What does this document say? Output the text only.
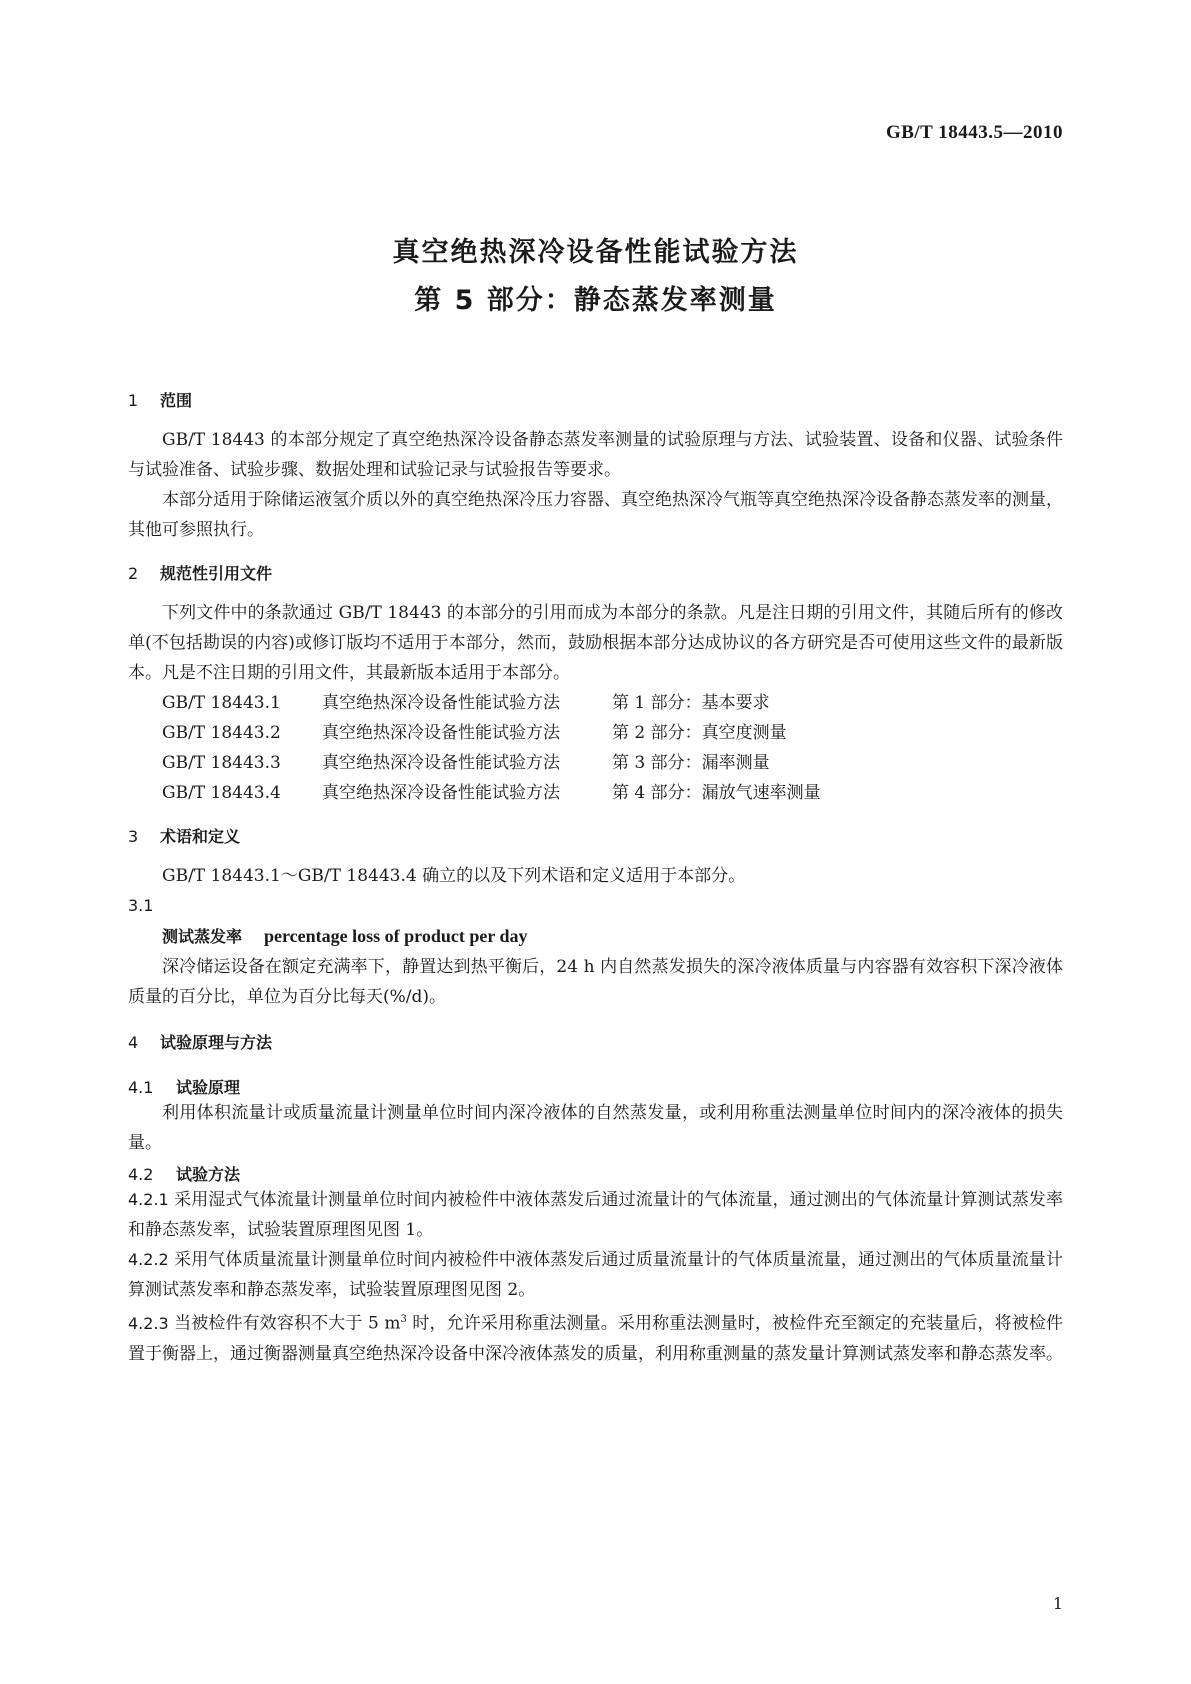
GB/T 18443.5—2010
真空绝热深冷设备性能试验方法
第 5 部分：静态蒸发率测量
1 范围

GB/T 18443 的本部分规定了真空绝热深冷设备静态蒸发率测量的试验原理与方法、试验装置、设备和仪器、试验条件与试验准备、试验步骤、数据处理和试验记录与试验报告等要求。

本部分适用于除储运液氢介质以外的真空绝热深冷压力容器、真空绝热深冷气瓶等真空绝热深冷设备静态蒸发率的测量，其他可参照执行。

2 规范性引用文件

下列文件中的条款通过 GB/T 18443 的本部分的引用而成为本部分的条款。凡是注日期的引用文件，其随后所有的修改单(不包括勘误的内容)或修订版均不适用于本部分，然而，鼓励根据本部分达成协议的各方研究是否可使用这些文件的最新版本。凡是不注日期的引用文件，其最新版本适用于本部分。

GB/T 18443.1	真空绝热深冷设备性能试验方法	第 1 部分：基本要求
GB/T 18443.2	真空绝热深冷设备性能试验方法	第 2 部分：真空度测量
GB/T 18443.3	真空绝热深冷设备性能试验方法	第 3 部分：漏率测量
GB/T 18443.4	真空绝热深冷设备性能试验方法	第 4 部分：漏放气速率测量
3 术语和定义

GB/T 18443.1～GB/T 18443.4 确立的以及下列术语和定义适用于本部分。

3.1
测试蒸发率 percentage loss of product per day

深冷储运设备在额定充满率下，静置达到热平衡后，24 h 内自然蒸发损失的深冷液体质量与内容器有效容积下深冷液体质量的百分比，单位为百分比每天(%/d)。

4 试验原理与方法
4.1 试验原理

利用体积流量计或质量流量计测量单位时间内深冷液体的自然蒸发量，或利用称重法测量单位时间内的深冷液体的损失量。

4.2 试验方法

4.2.1 采用湿式气体流量计测量单位时间内被检件中液体蒸发后通过流量计的气体流量，通过测出的气体流量计算测试蒸发率和静态蒸发率，试验装置原理图见图 1。

4.2.2 采用气体质量流量计测量单位时间内被检件中液体蒸发后通过质量流量计的气体质量流量，通过测出的气体质量流量计算测试蒸发率和静态蒸发率，试验装置原理图见图 2。

4.2.3 当被检件有效容积不大于 5 $m^3$ 时，允许采用称重法测量。采用称重法测量时，被检件充至额定的充装量后，将被检件置于衡器上，通过衡器测量真空绝热深冷设备中深冷液体蒸发的质量，利用称重测量的蒸发量计算测试蒸发率和静态蒸发率。

1
